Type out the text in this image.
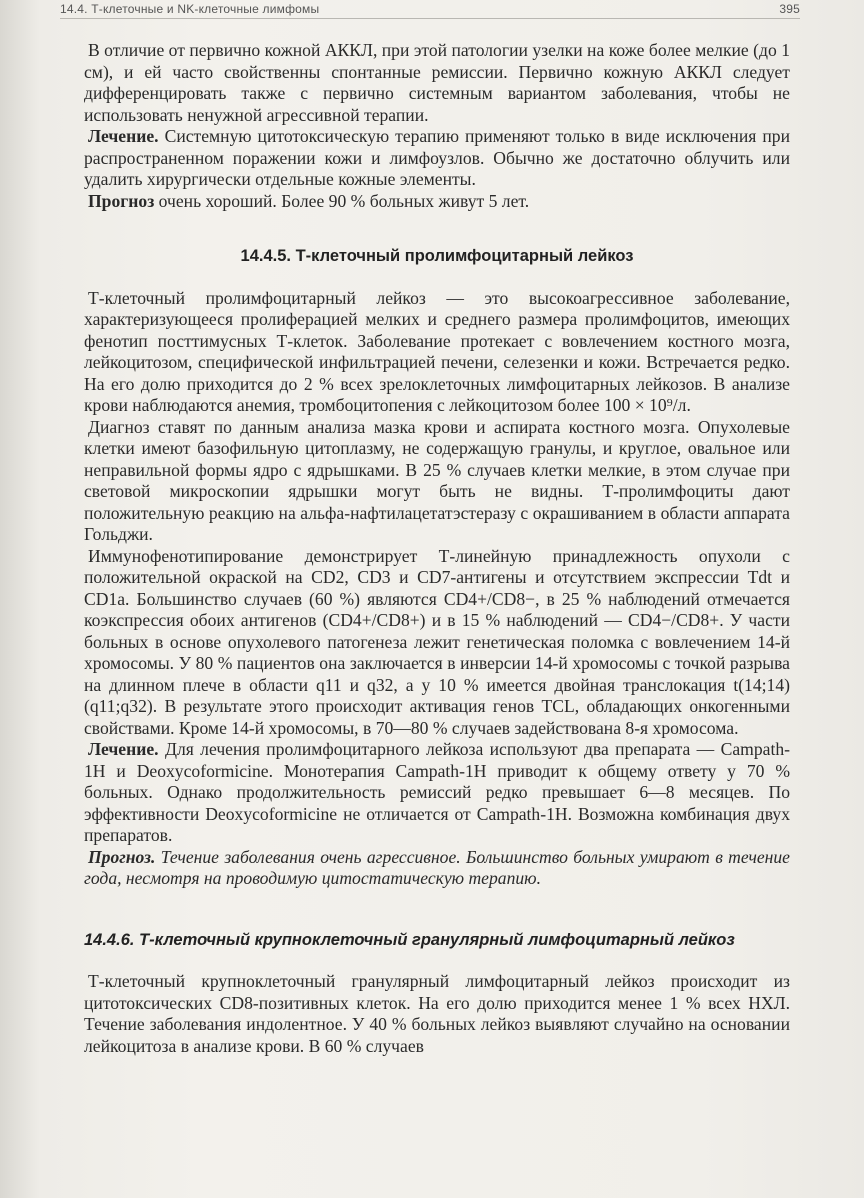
14.4. Т-клеточные и NK-клеточные лимфомы	395

В отличие от первично кожной АККЛ, при этой патологии узелки на коже более мелкие (до 1 см), и ей часто свойственны спонтанные ремиссии. Первично кожную АККЛ следует дифференцировать также с первично системным вариантом заболевания, чтобы не использовать ненужной агрессивной терапии.

Лечение. Системную цитотоксическую терапию применяют только в виде исключения при распространенном поражении кожи и лимфоузлов. Обычно же достаточно облучить или удалить хирургически отдельные кожные элементы.

Прогноз очень хороший. Более 90 % больных живут 5 лет.

14.4.5. Т-клеточный пролимфоцитарный лейкоз

Т-клеточный пролимфоцитарный лейкоз — это высокоагрессивное заболевание, характеризующееся пролиферацией мелких и среднего размера пролимфоцитов, имеющих фенотип посттимусных Т-клеток. Заболевание протекает с вовлечением костного мозга, лейкоцитозом, специфической инфильтрацией печени, селезенки и кожи. Встречается редко. На его долю приходится до 2 % всех зрелоклеточных лимфоцитарных лейкозов. В анализе крови наблюдаются анемия, тромбоцитопения с лейкоцитозом более 100 × 10⁹/л.

Диагноз ставят по данным анализа мазка крови и аспирата костного мозга. Опухолевые клетки имеют базофильную цитоплазму, не содержащую гранулы, и круглое, овальное или неправильной формы ядро с ядрышками. В 25 % случаев клетки мелкие, в этом случае при световой микроскопии ядрышки могут быть не видны. Т-пролимфоциты дают положительную реакцию на альфа-нафтилацетатэстеразу с окрашиванием в области аппарата Гольджи.

Иммунофенотипирование демонстрирует Т-линейную принадлежность опухоли с положительной окраской на CD2, CD3 и CD7-антигены и отсутствием экспрессии Tdt и CD1a. Большинство случаев (60 %) являются CD4+/CD8−, в 25 % наблюдений отмечается коэкспрессия обоих антигенов (CD4+/CD8+) и в 15 % наблюдений — CD4−/CD8+. У части больных в основе опухолевого патогенеза лежит генетическая поломка с вовлечением 14-й хромосомы. У 80 % пациентов она заключается в инверсии 14-й хромосомы с точкой разрыва на длинном плече в области q11 и q32, а у 10 % имеется двойная транслокация t(14;14)(q11;q32). В результате этого происходит активация генов TCL, обладающих онкогенными свойствами. Кроме 14-й хромосомы, в 70—80 % случаев задействована 8-я хромосома.

Лечение. Для лечения пролимфоцитарного лейкоза используют два препарата — Campath-1H и Deoxycoformicine. Монотерапия Campath-1H приводит к общему ответу у 70 % больных. Однако продолжительность ремиссий редко превышает 6—8 месяцев. По эффективности Deoxycoformicine не отличается от Campath-1H. Возможна комбинация двух препаратов.

Прогноз. Течение заболевания очень агрессивное. Большинство больных умирают в течение года, несмотря на проводимую цитостатическую терапию.

14.4.6. Т-клеточный крупноклеточный гранулярный лимфоцитарный лейкоз

Т-клеточный крупноклеточный гранулярный лимфоцитарный лейкоз происходит из цитотоксических CD8-позитивных клеток. На его долю приходится менее 1 % всех НХЛ. Течение заболевания индолентное. У 40 % больных лейкоз выявляют случайно на основании лейкоцитоза в анализе крови. В 60 % случаев
